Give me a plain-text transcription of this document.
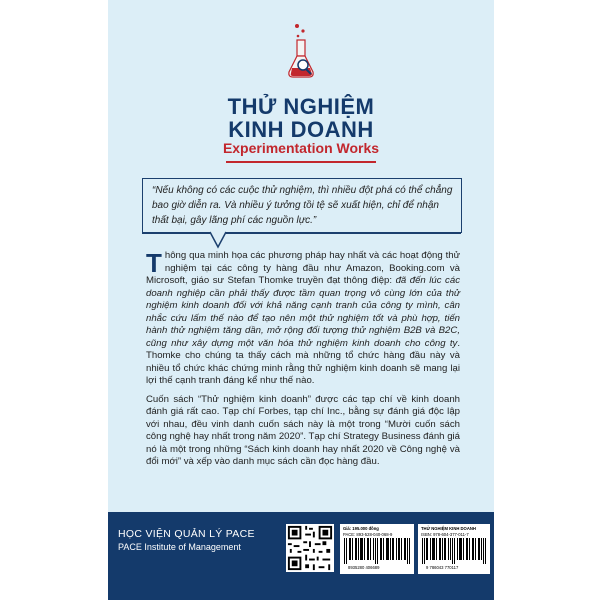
THỬ NGHIỆM
KINH DOANH
Experimentation Works
“Nếu không có các cuộc thử nghiệm, thì nhiều đột phá có thể chẳng bao giờ diễn ra. Và nhiều ý tưởng tồi tệ sẽ xuất hiện, chỉ để nhận thất bại, gây lãng phí các nguồn lực.”

Thông qua minh họa các phương pháp hay nhất và các hoạt động thử nghiệm tại các công ty hàng đầu như Amazon, Booking.com và Microsoft, giáo sư Stefan Thomke truyền đạt thông điệp: đã đến lúc các doanh nghiệp cần phải thấy được tầm quan trọng vô cùng lớn của thử nghiệm kinh doanh đối với khả năng cạnh tranh của công ty mình, cân nhắc cứu lấm thế nào để tạo nên một thử nghiệm tốt và phù hợp, tiến hành thử nghiệm tăng dần, mở rộng đối tượng thử nghiệm B2B và B2C, cũng như xây dựng một văn hóa thử nghiệm kinh doanh cho công ty. Thomke cho chúng ta thấy cách mà những tổ chức hàng đầu này và nhiều tổ chức khác chứng minh rằng thử nghiệm kinh doanh sẽ mang lại lợi thế cạnh tranh đáng kể như thế nào.

Cuốn sách “Thử nghiệm kinh doanh” được các tạp chí về kinh doanh đánh giá rất cao. Tạp chí Forbes, tạp chí Inc., bằng sự đánh giá độc lập với nhau, đều vinh danh cuốn sách này là một trong “Mười cuốn sách công nghệ hay nhất trong năm 2020”. Tạp chí Strategy Business đánh giá nó là một trong những “Sách kinh doanh hay nhất 2020 về Công nghệ và đổi mới” và xếp vào danh mục sách cần đọc hàng đầu.

HỌC VIỆN QUẢN LÝ PACE
PACE Institute of Management
Giá: 195.000 đồng
PACE: 893-528-040-068-9
8935280 406689
THỬ NGHIỆM KINH DOANH
ISBN: 978-604-377-011-7
9 786043 770117
